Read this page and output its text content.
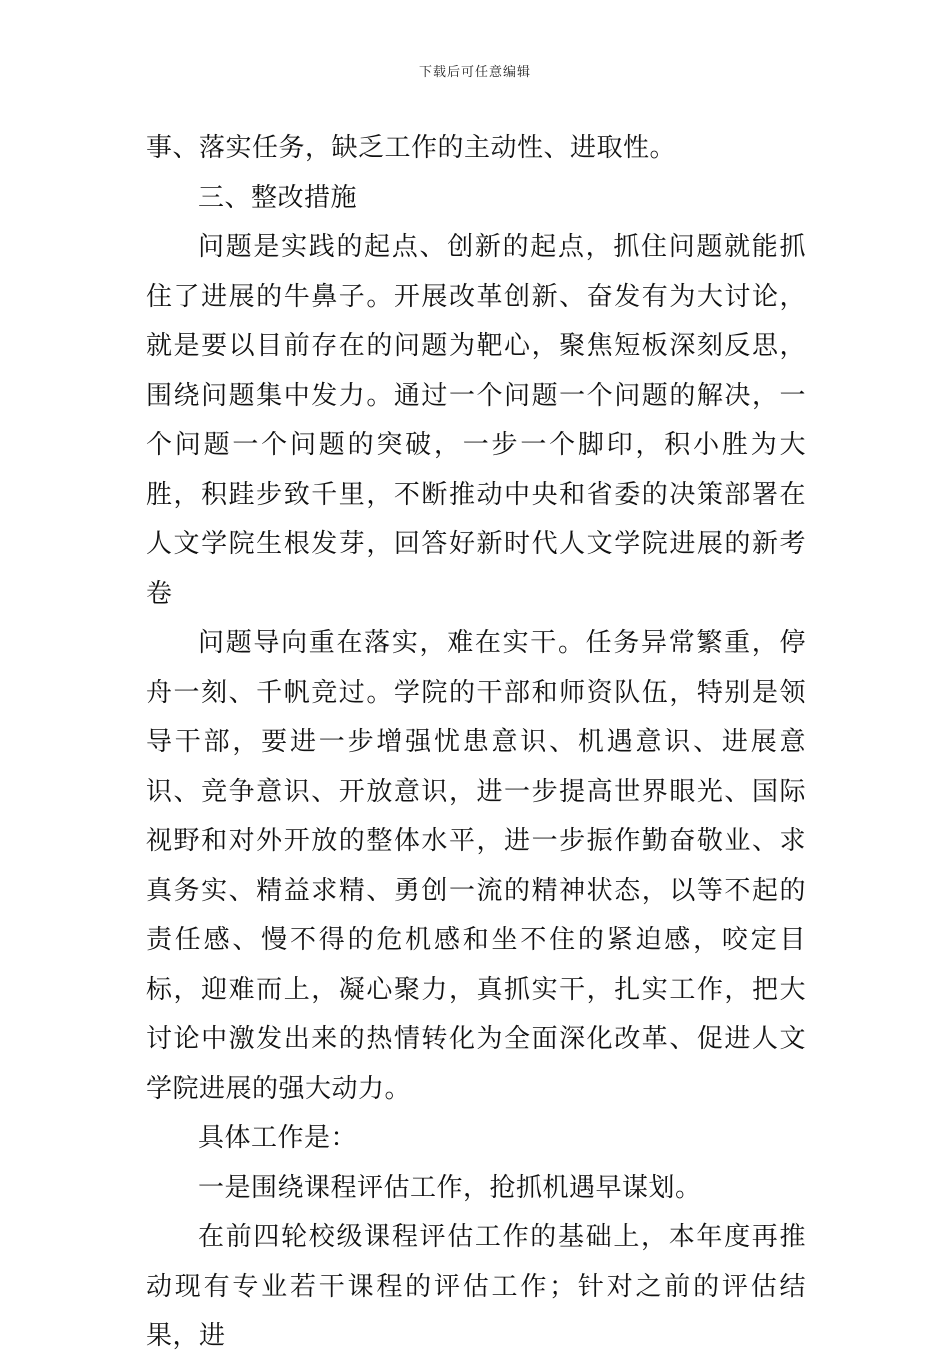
下载后可任意编辑

事、落实任务，缺乏工作的主动性、进取性。

三、整改措施

问题是实践的起点、创新的起点，抓住问题就能抓住了进展的牛鼻子。开展改革创新、奋发有为大讨论，就是要以目前存在的问题为靶心，聚焦短板深刻反思，围绕问题集中发力。通过一个问题一个问题的解决，一个问题一个问题的突破，一步一个脚印，积小胜为大胜，积跬步致千里，不断推动中央和省委的决策部署在人文学院生根发芽，回答好新时代人文学院进展的新考卷

问题导向重在落实，难在实干。任务异常繁重，停舟一刻、千帆竞过。学院的干部和师资队伍，特别是领导干部，要进一步增强忧患意识、机遇意识、进展意识、竞争意识、开放意识，进一步提高世界眼光、国际视野和对外开放的整体水平，进一步振作勤奋敬业、求真务实、精益求精、勇创一流的精神状态，以等不起的责任感、慢不得的危机感和坐不住的紧迫感，咬定目标，迎难而上，凝心聚力，真抓实干，扎实工作，把大讨论中激发出来的热情转化为全面深化改革、促进人文学院进展的强大动力。

具体工作是：

一是围绕课程评估工作，抢抓机遇早谋划。

在前四轮校级课程评估工作的基础上，本年度再推动现有专业若干课程的评估工作；针对之前的评估结果，进
